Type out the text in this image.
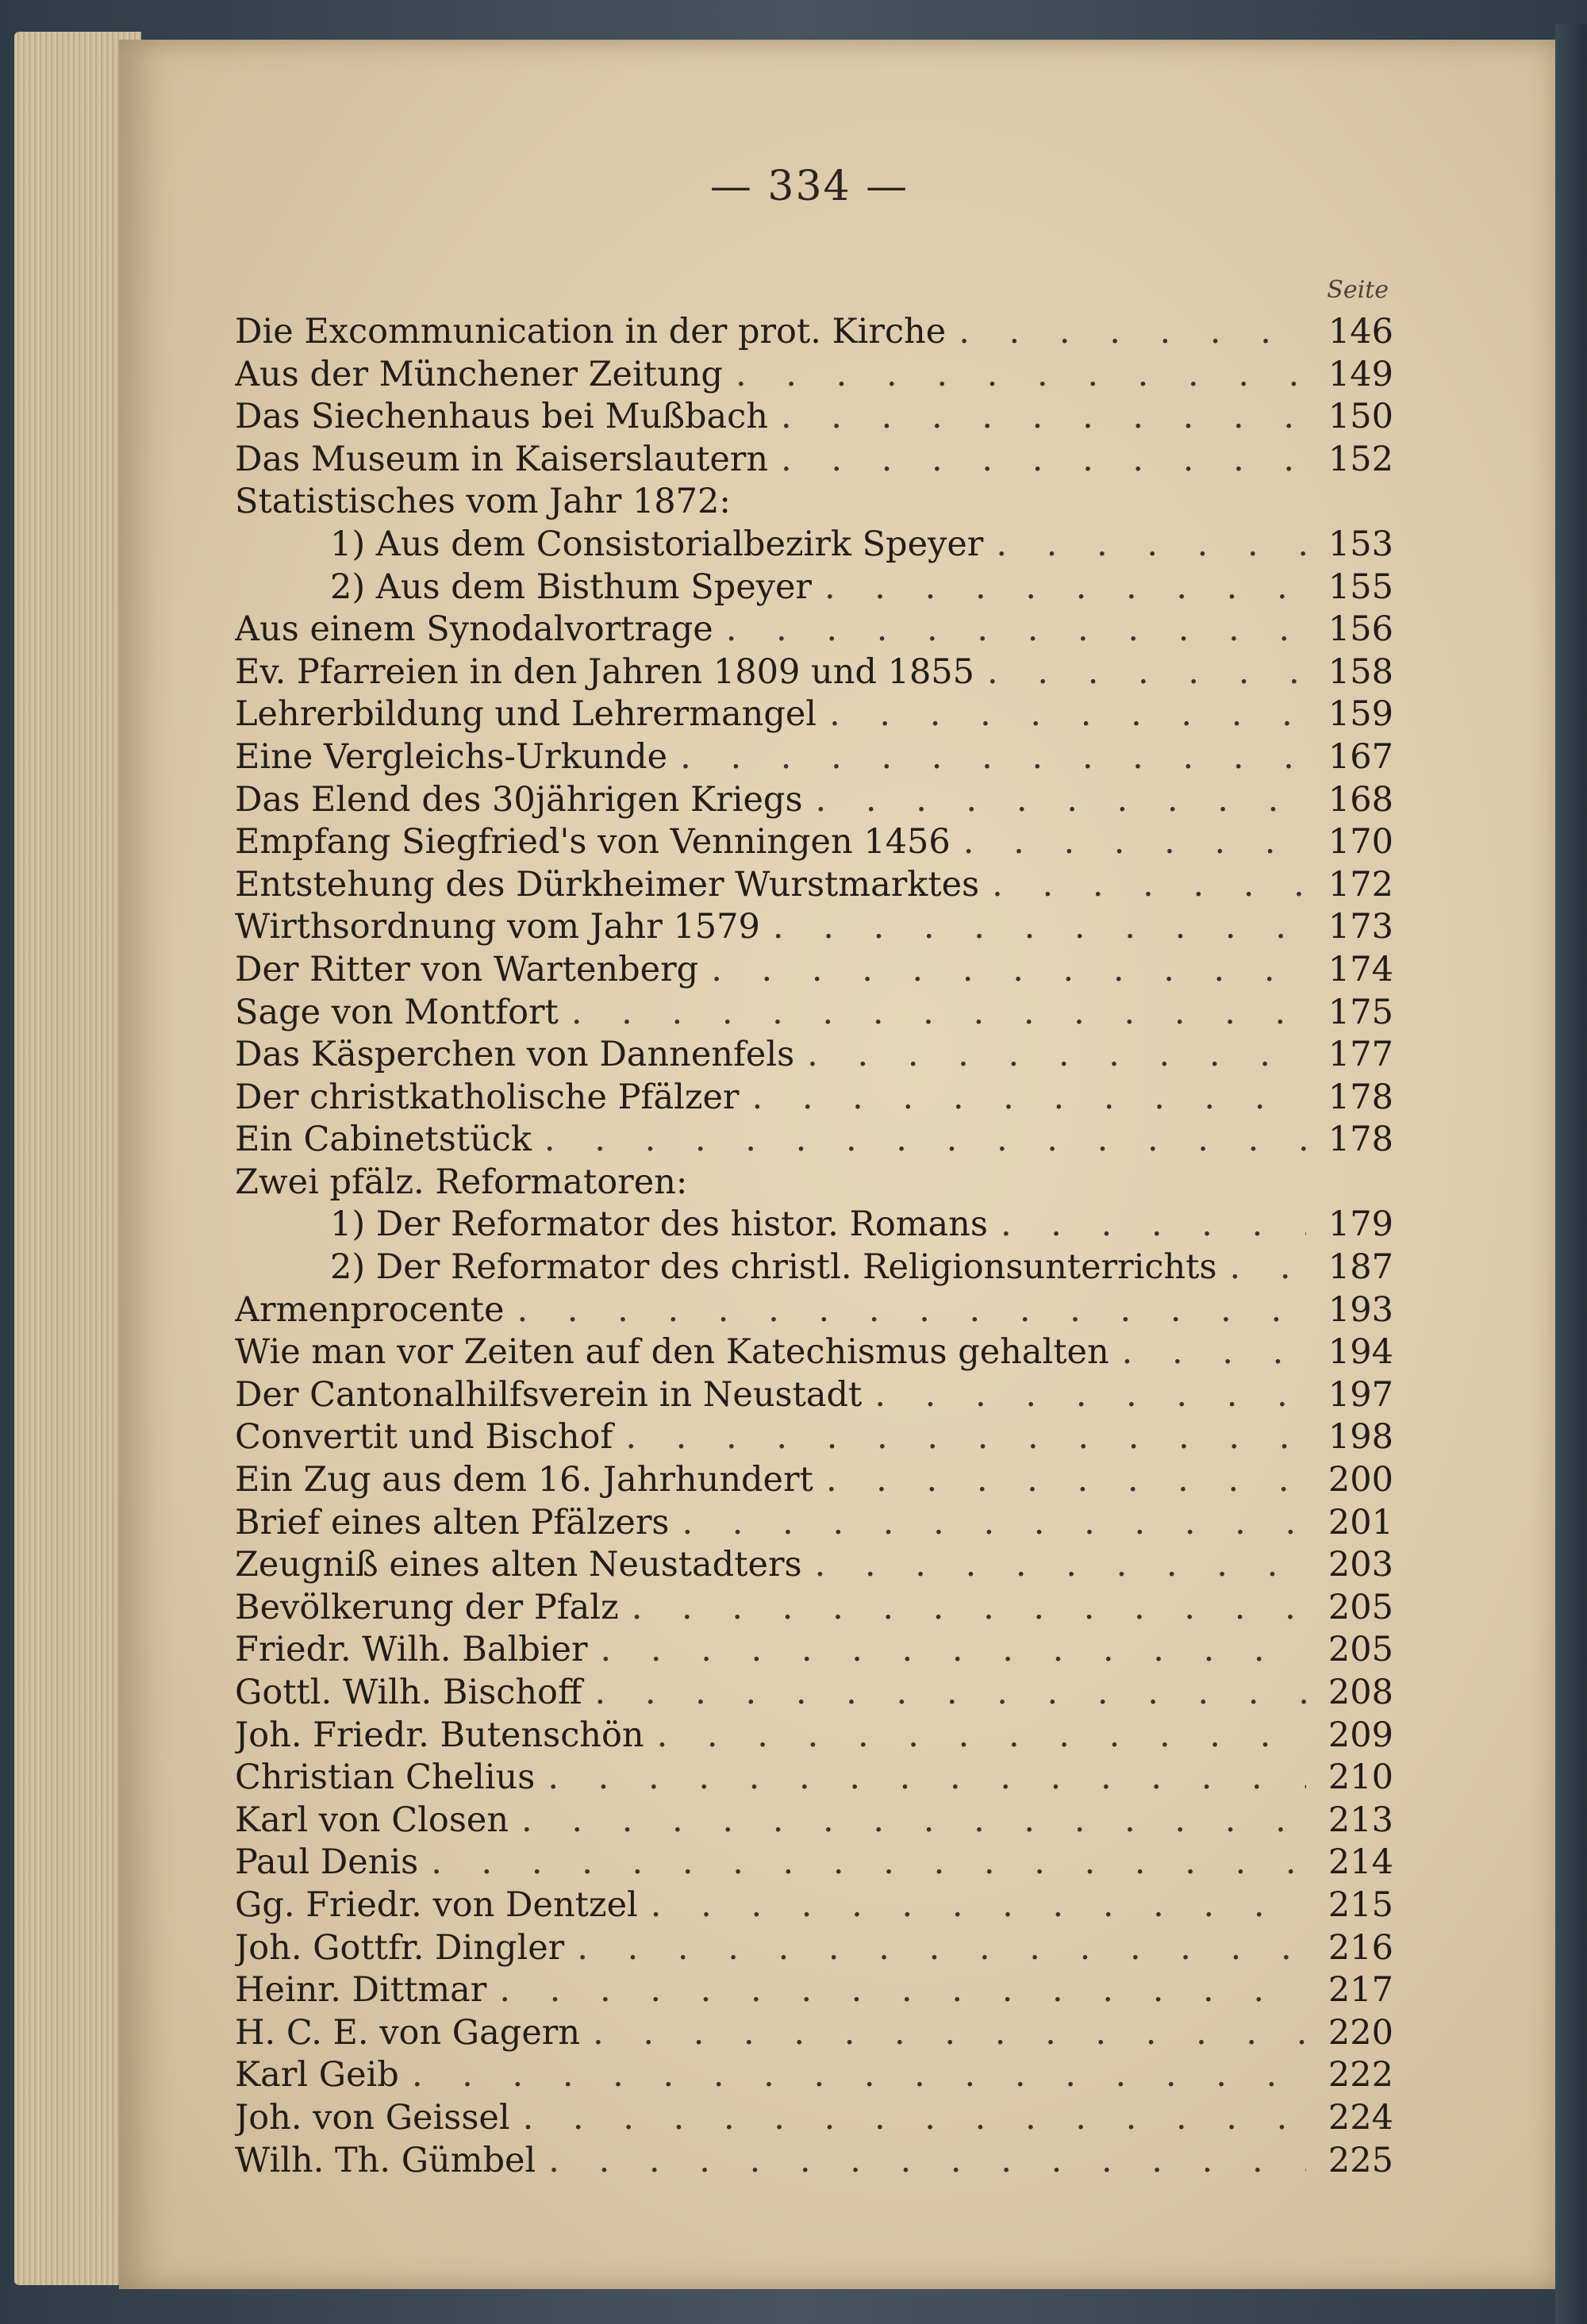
— 334 —
Seite
Die Excommunication in der prot. Kirche . . .	146
Aus der Münchener Zeitung . . .	149
Das Siechenhaus bei Mußbach . . .	150
Das Museum in Kaiserslautern . . .	152
Statistisches vom Jahr 1872:
1) Aus dem Consistorialbezirk Speyer . . .	153
2) Aus dem Bisthum Speyer . . .	155
Aus einem Synodalvortrage . . .	156
Ev. Pfarreien in den Jahren 1809 und 1855 . . .	158
Lehrerbildung und Lehrermangel . . .	159
Eine Vergleichs-Urkunde . . .	167
Das Elend des 30jährigen Kriegs . . .	168
Empfang Siegfried's von Venningen 1456 . . .	170
Entstehung des Dürkheimer Wurstmarktes . . .	172
Wirthsordnung vom Jahr 1579 . . .	173
Der Ritter von Wartenberg . . .	174
Sage von Montfort . . .	175
Das Käsperchen von Dannenfels . . .	177
Der christkatholische Pfälzer . . .	178
Ein Cabinetstück . . .	178
Zwei pfälz. Reformatoren:
1) Der Reformator des histor. Romans . . .	179
2) Der Reformator des christl. Religionsunterrichts . . .	187
Armenprocente . . .	193
Wie man vor Zeiten auf den Katechismus gehalten . . .	194
Der Cantonalhilfsverein in Neustadt . . .	197
Convertit und Bischof . . .	198
Ein Zug aus dem 16. Jahrhundert . . .	200
Brief eines alten Pfälzers . . .	201
Zeugniß eines alten Neustadters . . .	203
Bevölkerung der Pfalz . . .	205
Friedr. Wilh. Balbier . . .	205
Gottl. Wilh. Bischoff . . .	208
Joh. Friedr. Butenschön . . .	209
Christian Chelius . . .	210
Karl von Closen . . .	213
Paul Denis . . .	214
Gg. Friedr. von Dentzel . . .	215
Joh. Gottfr. Dingler . . .	216
Heinr. Dittmar . . .	217
H. C. E. von Gagern . . .	220
Karl Geib . . .	222
Joh. von Geissel . . .	224
Wilh. Th. Gümbel . . .	225
